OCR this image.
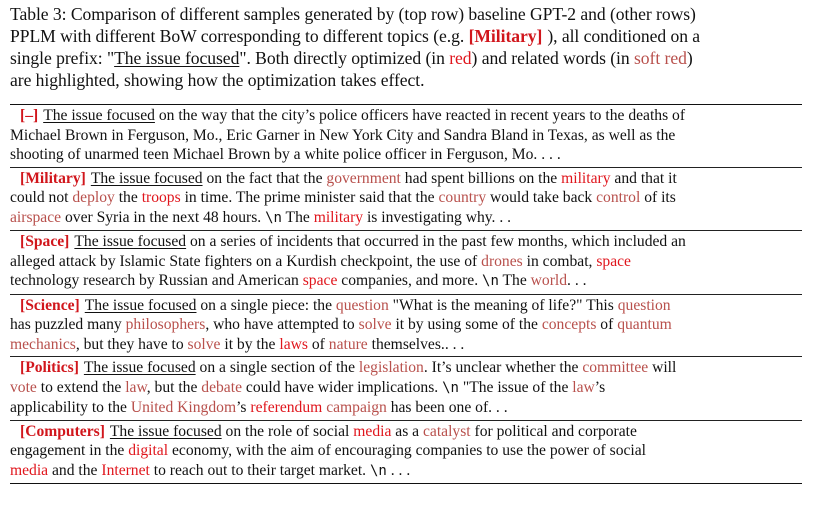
Table 3: Comparison of different samples generated by (top row) baseline GPT-2 and (other rows)
PPLM with different BoW corresponding to different topics (e.g. [Military] ), all conditioned on a
single prefix: "The issue focused". Both directly optimized (in red) and related words (in soft red)
are highlighted, showing how the optimization takes effect.
[–] The issue focused on the way that the city’s police officers have reacted in recent years to the deaths of
Michael Brown in Ferguson, Mo., Eric Garner in New York City and Sandra Bland in Texas, as well as the
shooting of unarmed teen Michael Brown by a white police officer in Ferguson, Mo. . . .
[Military] The issue focused on the fact that the government had spent billions on the military and that it
could not deploy the troops in time. The prime minister said that the country would take back control of its
airspace over Syria in the next 48 hours. \n The military is investigating why. . .
[Space] The issue focused on a series of incidents that occurred in the past few months, which included an
alleged attack by Islamic State fighters on a Kurdish checkpoint, the use of drones in combat, space
technology research by Russian and American space companies, and more. \n The world. . .
[Science] The issue focused on a single piece: the question "What is the meaning of life?" This question
has puzzled many philosophers, who have attempted to solve it by using some of the concepts of quantum
mechanics, but they have to solve it by the laws of nature themselves.. . .
[Politics] The issue focused on a single section of the legislation. It’s unclear whether the committee will
vote to extend the law, but the debate could have wider implications. \n "The issue of the law’s
applicability to the United Kingdom’s referendum campaign has been one of. . .
[Computers] The issue focused on the role of social media as a catalyst for political and corporate
engagement in the digital economy, with the aim of encouraging companies to use the power of social
media and the Internet to reach out to their target market. \n . . .
